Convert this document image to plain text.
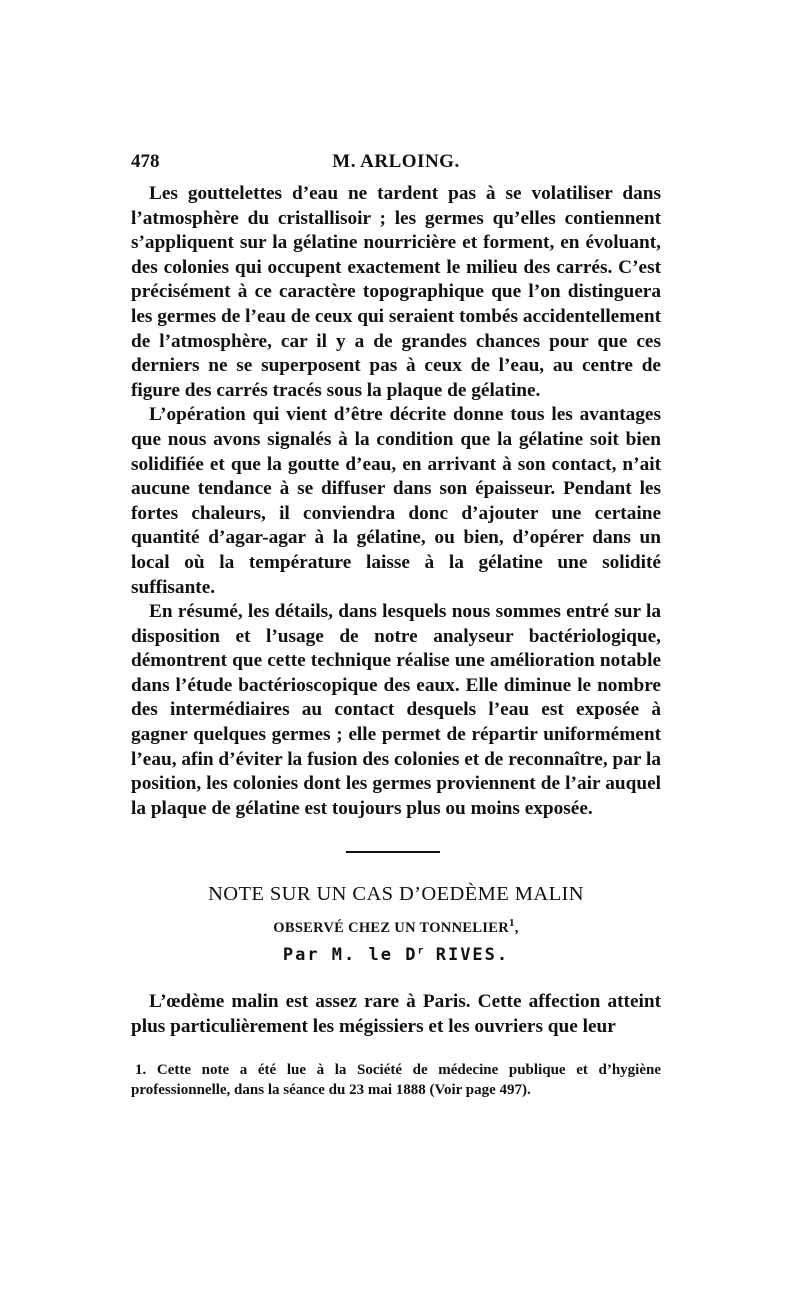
478	M. ARLOING.

Les gouttelettes d’eau ne tardent pas à se volatiliser dans l’atmosphère du cristallisoir ; les germes qu’elles contiennent s’appliquent sur la gélatine nourricière et forment, en évoluant, des colonies qui occupent exactement le milieu des carrés. C’est précisément à ce caractère topographique que l’on distinguera les germes de l’eau de ceux qui seraient tombés accidentellement de l’atmosphère, car il y a de grandes chances pour que ces derniers ne se superposent pas à ceux de l’eau, au centre de figure des carrés tracés sous la plaque de gélatine.

L’opération qui vient d’être décrite donne tous les avantages que nous avons signalés à la condition que la gélatine soit bien solidifiée et que la goutte d’eau, en arrivant à son contact, n’ait aucune tendance à se diffuser dans son épaisseur. Pendant les fortes chaleurs, il conviendra donc d’ajouter une certaine quantité d’agar-agar à la gélatine, ou bien, d’opérer dans un local où la température laisse à la gélatine une solidité suffisante.

En résumé, les détails, dans lesquels nous sommes entré sur la disposition et l’usage de notre analyseur bactériologique, démontrent que cette technique réalise une amélioration notable dans l’étude bactérioscopique des eaux. Elle diminue le nombre des intermédiaires au contact desquels l’eau est exposée à gagner quelques germes ; elle permet de répartir uniformément l’eau, afin d’éviter la fusion des colonies et de reconnaître, par la position, les colonies dont les germes proviennent de l’air auquel la plaque de gélatine est toujours plus ou moins exposée.

NOTE SUR UN CAS D’OEDÈME MALIN
OBSERVÉ CHEZ UN TONNELIER$^1$,
Par M. le $D^r$ RIVES.

L’œdème malin est assez rare à Paris. Cette affection atteint plus particulièrement les mégissiers et les ouvriers que leur

1. Cette note a été lue à la Société de médecine publique et d’hygiène professionnelle, dans la séance du 23 mai 1888 (Voir page 497).
